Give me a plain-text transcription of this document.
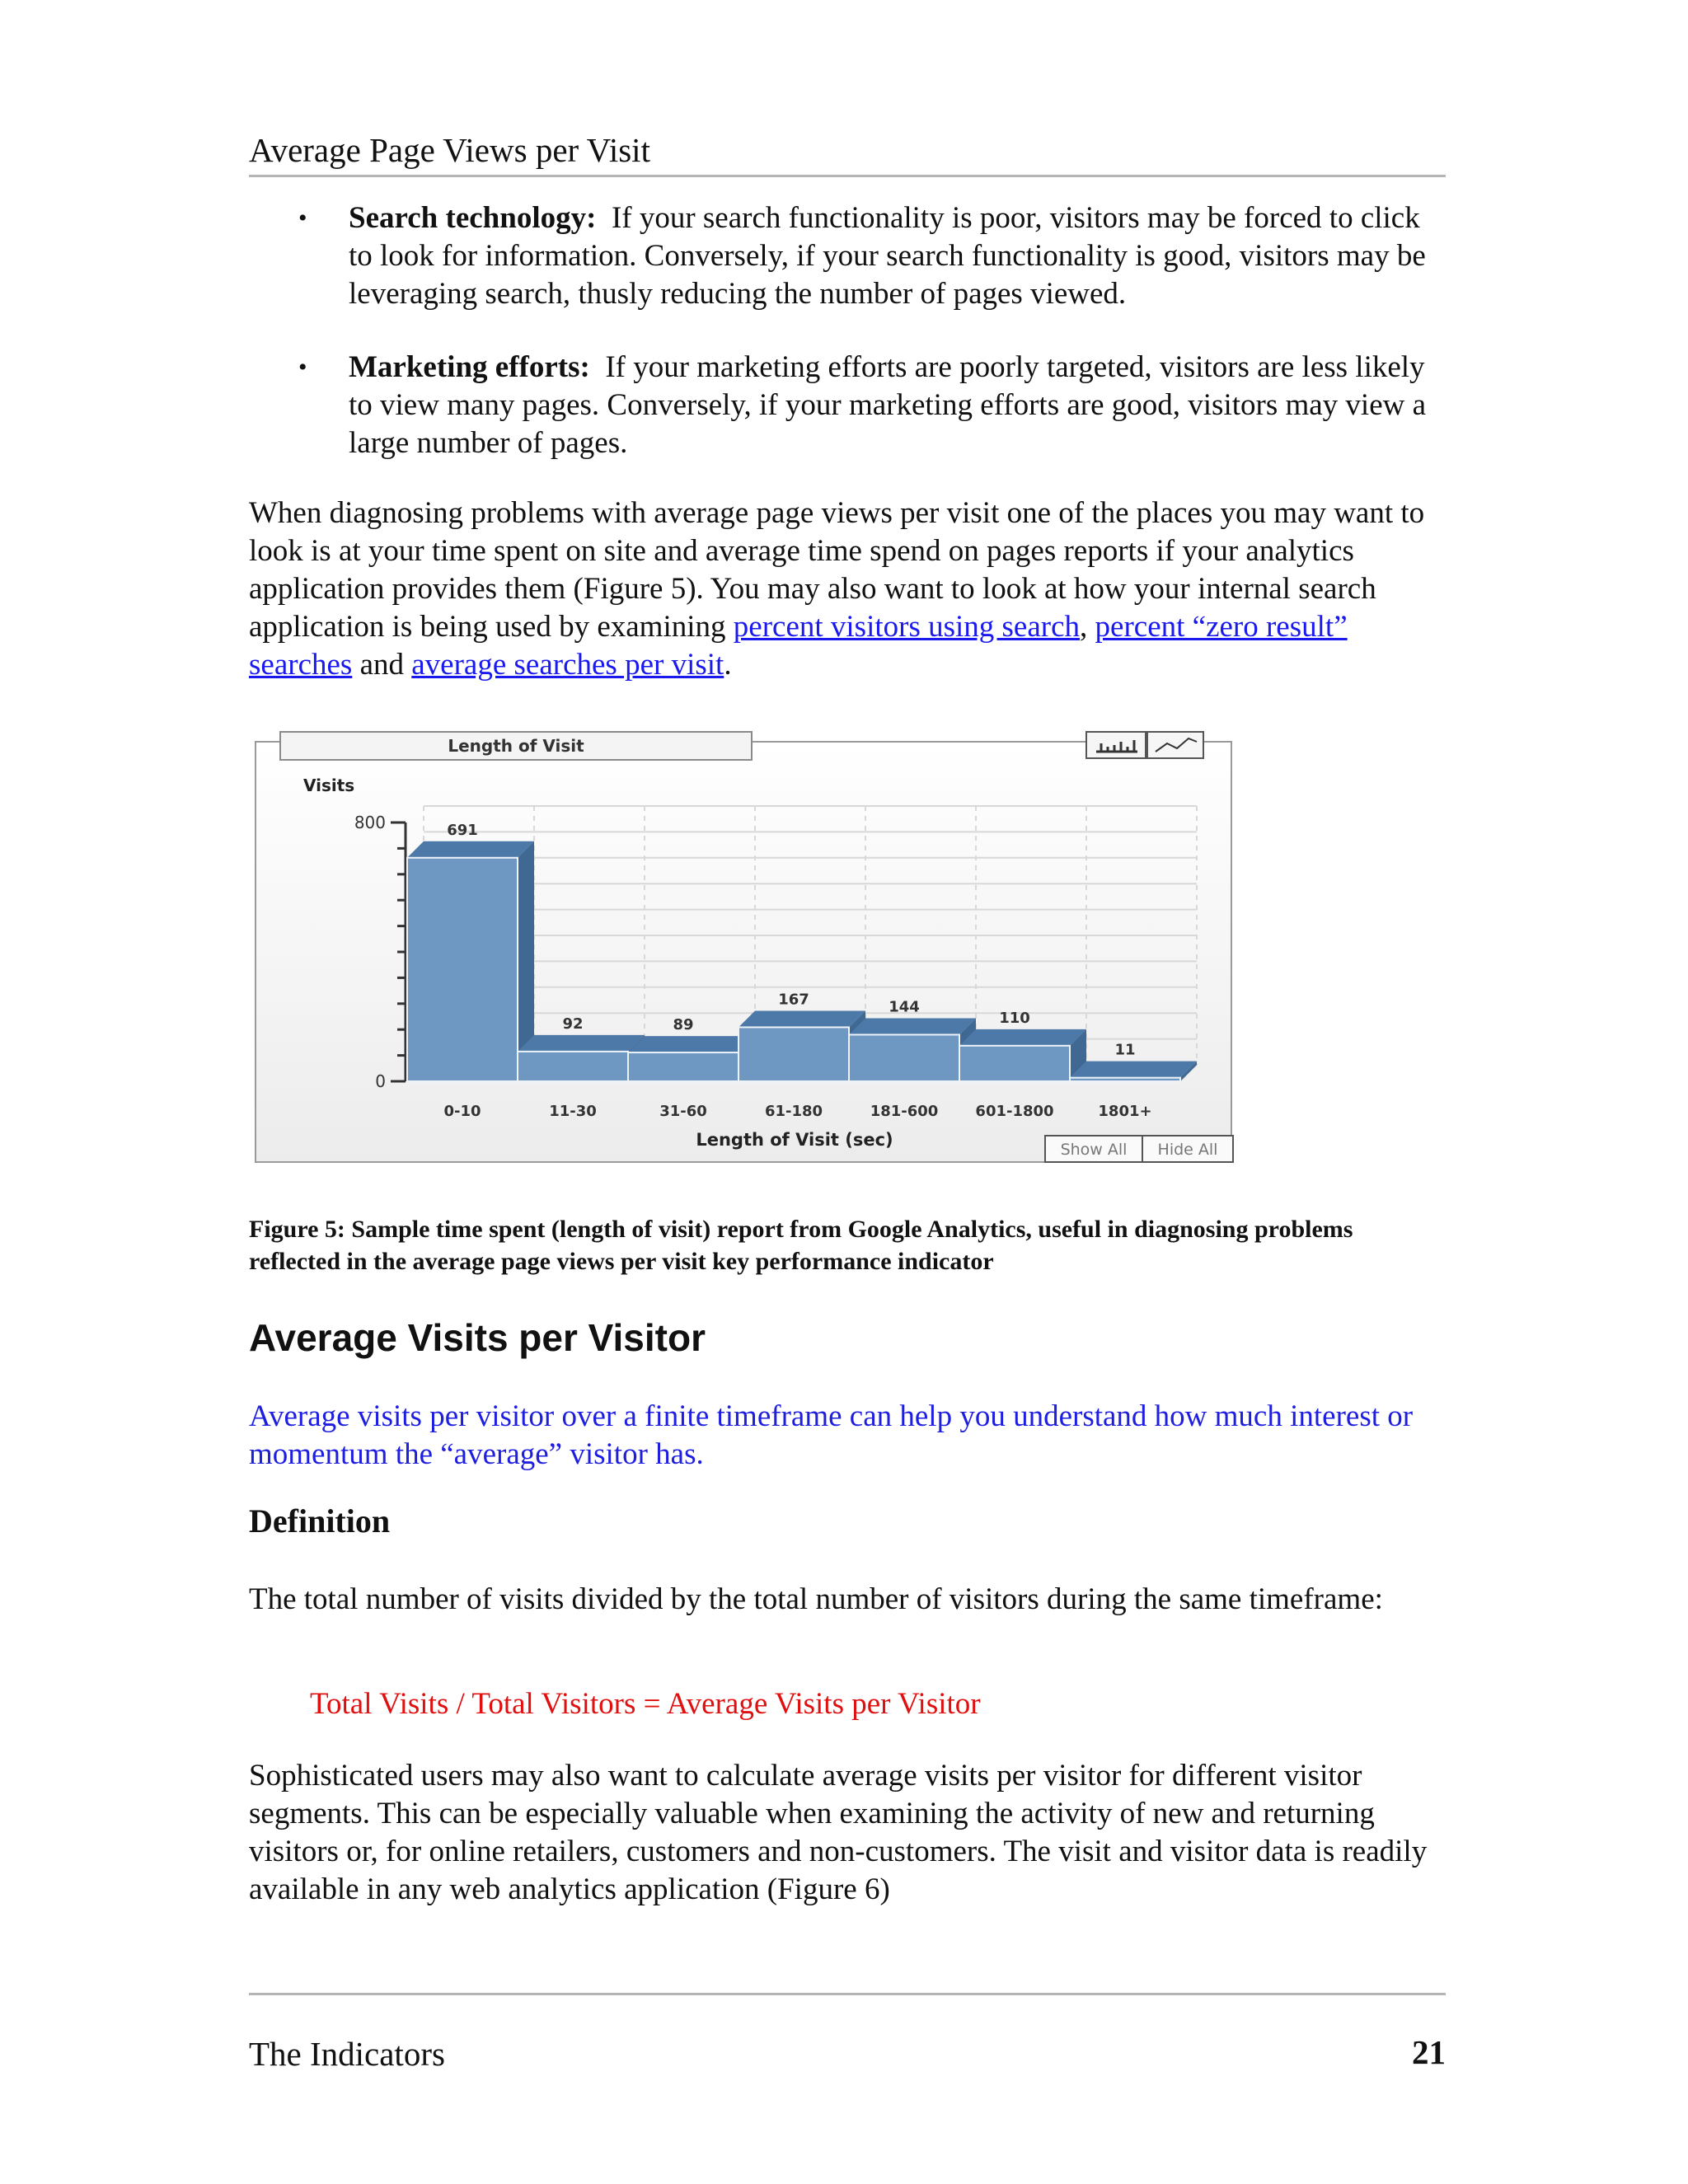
Average Page Views per Visit
• Search technology: If your search functionality is poor, visitors may be forced to click to look for information. Conversely, if your search functionality is good, visitors may be leveraging search, thusly reducing the number of pages viewed.
• Marketing efforts: If your marketing efforts are poorly targeted, visitors are less likely to view many pages. Conversely, if your marketing efforts are good, visitors may view a large number of pages.

When diagnosing problems with average page views per visit one of the places you may want to look is at your time spent on site and average time spend on pages reports if your analytics application provides them (Figure 5). You may also want to look at how your internal search application is being used by examining percent visitors using search, percent “zero result” searches and average searches per visit.

Length of Visit
Visits
0
800	691
0-10
92
11-30
89
31-60
167
61-180
144
181-600
110
601-1800
11
1801+
Length of Visit (sec)	Show All Hide All
Figure 5: Sample time spent (length of visit) report from Google Analytics, useful in diagnosing problems reflected in the average page views per visit key performance indicator
Average Visits per Visitor

Average visits per visitor over a finite timeframe can help you understand how much interest or momentum the “average” visitor has.

Definition

The total number of visits divided by the total number of visitors during the same timeframe:

Total Visits / Total Visitors = Average Visits per Visitor

Sophisticated users may also want to calculate average visits per visitor for different visitor segments. This can be especially valuable when examining the activity of new and returning visitors or, for online retailers, customers and non-customers. The visit and visitor data is readily available in any web analytics application (Figure 6)

The Indicators	21
